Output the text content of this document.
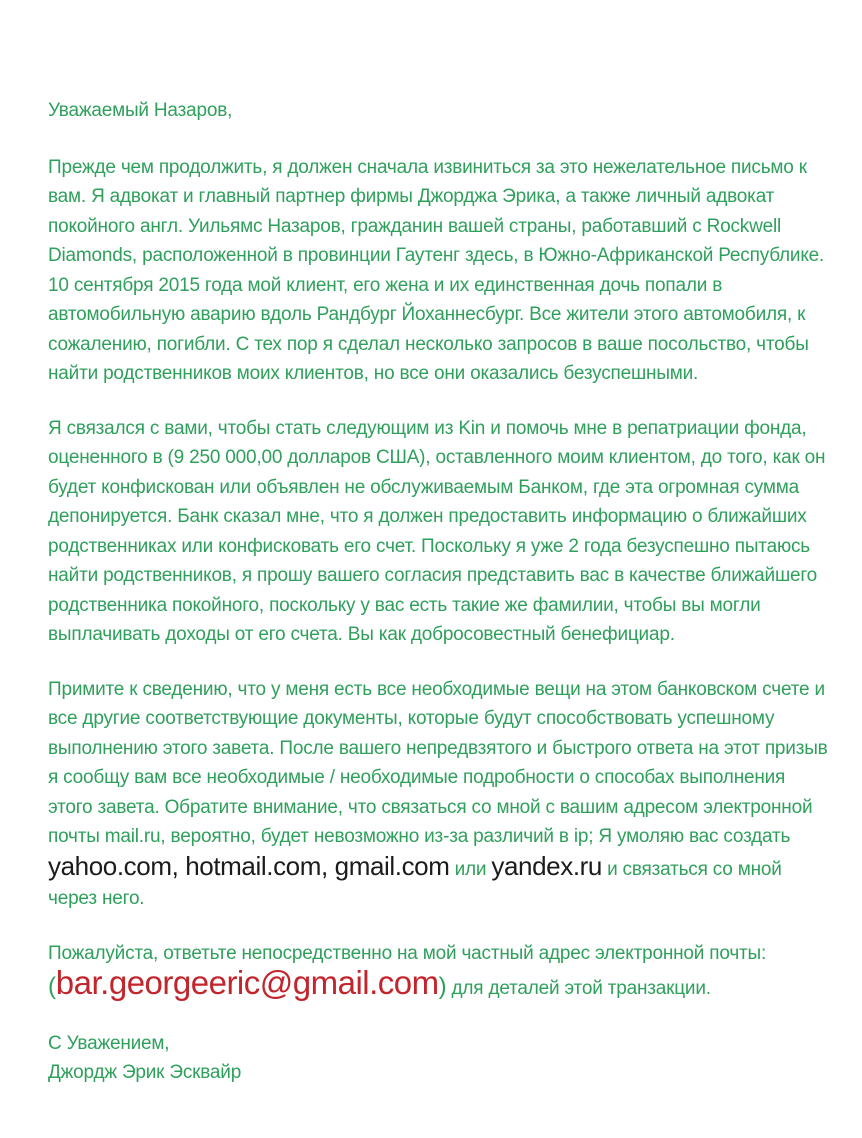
Уважаемый Назаров,

Прежде чем продолжить, я должен сначала извиниться за это нежелательное письмо к вам. Я адвокат и главный партнер фирмы Джорджа Эрика, а также личный адвокат покойного англ. Уильямс Назаров, гражданин вашей страны, работавший с Rockwell Diamonds, расположенной в провинции Гаутенг здесь, в Южно-Африканской Республике. 10 сентября 2015 года мой клиент, его жена и их единственная дочь попали в автомобильную аварию вдоль Рандбург Йоханнесбург. Все жители этого автомобиля, к сожалению, погибли. С тех пор я сделал несколько запросов в ваше посольство, чтобы найти родственников моих клиентов, но все они оказались безуспешными.

Я связался с вами, чтобы стать следующим из Kin и помочь мне в репатриации фонда, оцененного в (9 250 000,00 долларов США), оставленного моим клиентом, до того, как он будет конфискован или объявлен не обслуживаемым Банком, где эта огромная сумма депонируется. Банк сказал мне, что я должен предоставить информацию о ближайших родственниках или конфисковать его счет. Поскольку я уже 2 года безуспешно пытаюсь найти родственников, я прошу вашего согласия представить вас в качестве ближайшего родственника покойного, поскольку у вас есть такие же фамилии, чтобы вы могли выплачивать доходы от его счета. Вы как добросовестный бенефициар.

Примите к сведению, что у меня есть все необходимые вещи на этом банковском счете и все другие соответствующие документы, которые будут способствовать успешному выполнению этого завета. После вашего непредвзятого и быстрого ответа на этот призыв я сообщу вам все необходимые / необходимые подробности о способах выполнения этого завета. Обратите внимание, что связаться со мной с вашим адресом электронной почты mail.ru, вероятно, будет невозможно из-за различий в ip; Я умоляю вас создать yahoo.com, hotmail.com, gmail.com или yandex.ru и связаться со мной через него.

Пожалуйста, ответьте непосредственно на мой частный адрес электронной почты: (bar.georgeeric@gmail.com) для деталей этой транзакции.

С Уважением,
Джордж Эрик Эсквайр
